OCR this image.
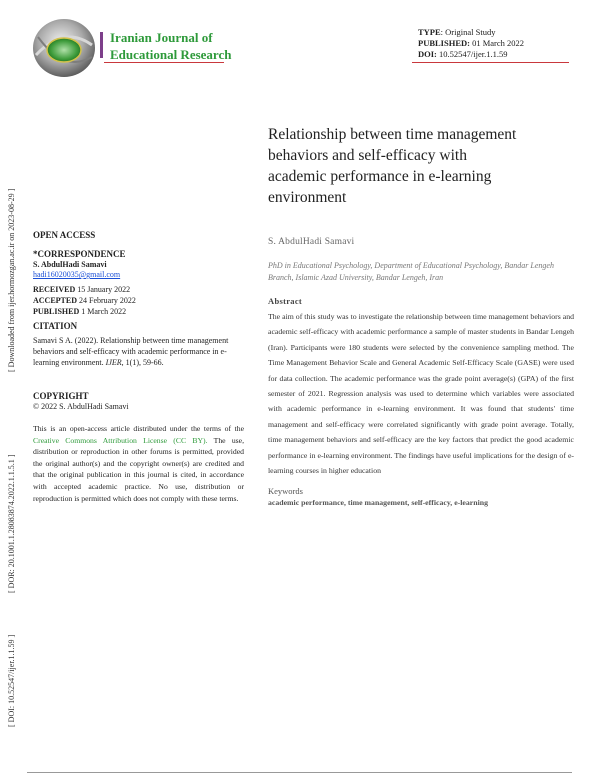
Iranian Journal of
Educational Research
TYPE: Original Study
PUBLISHED: 01 March 2022
DOI: 10.52547/ijer.1.1.59
[ Downloaded from ijer.hormozgan.ac.ir on 2023-08-29 ]
[ DOR: 20.1001.1.28083874.2022.1.1.5.1 ]
[ DOI: 10.52547/ijer.1.1.59 ]
Relationship between time management behaviors and self-efficacy with academic performance in e-learning environment
S. AbdulHadi Samavi
PhD in Educational Psychology, Department of Educational Psychology, Bandar Lengeh Branch, Islamic Azad University, Bandar Lengeh, Iran
Abstract
The aim of this study was to investigate the relationship between time management behaviors and academic self-efficacy with academic performance a sample of master students in Bandar Lengeh (Iran). Participants were 180 students were selected by the convenience sampling method. The Time Management Behavior Scale and General Academic Self-Efficacy Scale (GASE) were used for data collection. The academic performance was the grade point average(s) (GPA) of the first semester of 2021. Regression analysis was used to determine which variables were associated with academic performance in e-learning environment. It was found that students' time management and self-efficacy were correlated significantly with grade point average. Totally, time management behaviors and self-efficacy are the key factors that predict the good academic performance in e-learning environment. The findings have useful implications for the design of e-learning courses in higher education
Keywords
academic performance, time management, self-efficacy, e-learning
OPEN ACCESS
*CORRESPONDENCE
S. AbdulHadi Samavi
hadi16020035@gmail.com
RECEIVED 15 January 2022
ACCEPTED 24 February 2022
PUBLISHED 1 March 2022
CITATION
Samavi S A. (2022). Relationship between time management behaviors and self-efficacy with academic performance in e-learning environment. IJER, 1(1), 59-66.
COPYRIGHT
© 2022 S. AbdulHadi Samavi
This is an open-access article distributed under the terms of the Creative Commons Attribution License (CC BY). The use, distribution or reproduction in other forums is permitted, provided the original author(s) and the copyright owner(s) are credited and that the original publication in this journal is cited, in accordance with accepted academic practice. No use, distribution or reproduction is permitted which does not comply with these terms.
